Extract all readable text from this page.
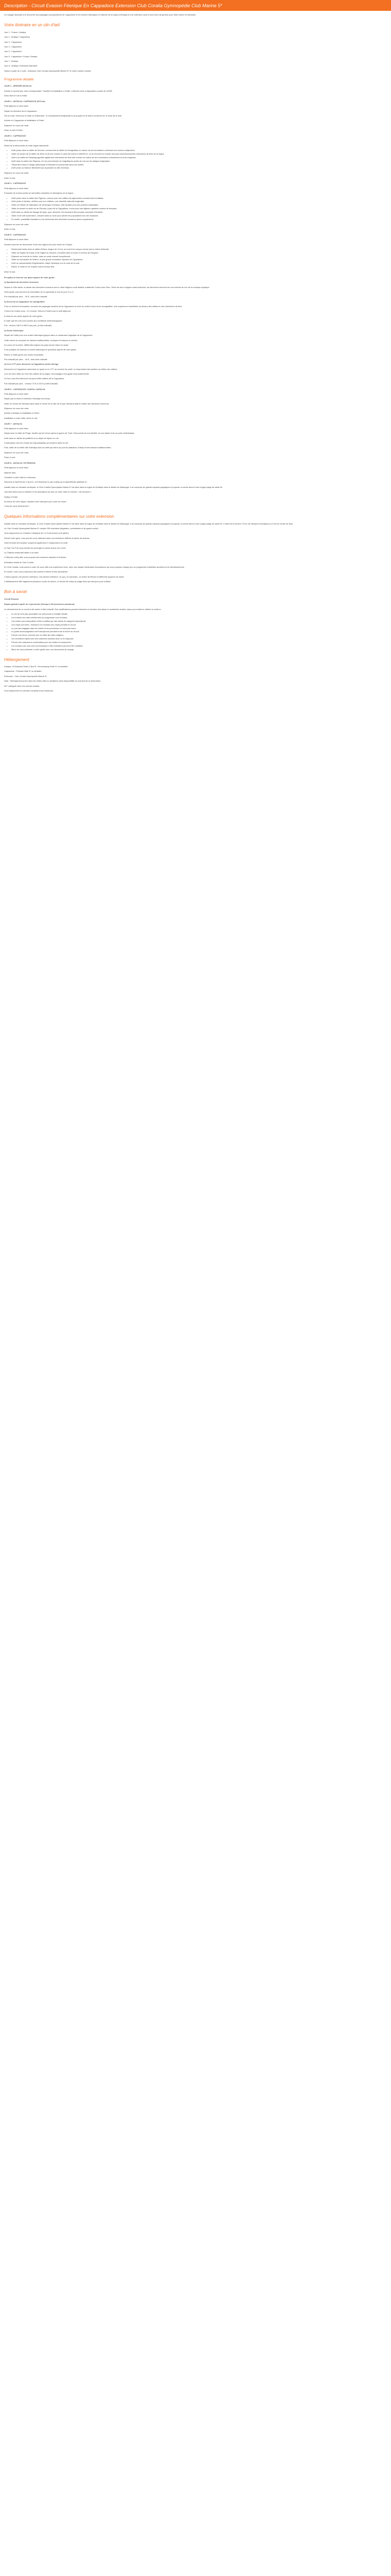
Description - Circuit Evasion Féerique En Cappadoce Extension Club Coralia Gymnopédie Club Marine 5*

Un voyage fascinant à la rencontre des paysages époustouflants de Cappadoce et les trésors historiques et naturels de la région d'Antalya et une extension sans le bord bord de genèse pour allier culture et balnéaire.

Votre itinéraire en un clin d'œil

Jour 1 : France / Antalya

Jour 2 : Antalya / Cappadoce

Jour 3 : Cappadoce

Jour 4 : Cappadoce

Jour 5 : Cappadoce

Jour 6 : Cappadoce / Konya / Antalya

Jour 7 : Antalya

Jour 8 : Antalya / Extension balnéaire

Séjour à partir de 2 nuits : extension Club Coralia Gymnopédie Marine 5* ht, selon l'option choisie.

Programme détaillé

JOUR 1 : ARRIVÉE ANTALYA

Arrivée et accueil par votre correspondant. Transfert et installation à l'hôtel. Chambre mise à disposition à partir de 14H00.

Dîner libre et nuit à l'hôtel.

JOUR 2 : ANTALYA / CAPPADOCE (575 km)

Petit déjeuner à votre hôtel.

Départ en direction de la Cappadoce.

Sur la route, arrêt pour la visite du Sultanhani : le caravansérail seldjoukide le plus grand et le mieux conservé sur la route de la soie.

Arrivée en Cappadoce et installation à l'hôtel.

Déjeuner en cours de route.

Dîner et nuit à l'hôtel.

JOUR 3 : CAPPADOCE

Petit déjeuner à votre hôtel.

Début de la découverte de cette région fascinante :

• Arrêt photo dans la vallée de Devrent, surnommée la vallée de l'imagination en raison de ses formations rocheuses aux formes subjectives.
• Visite du musée de la vallée de Zelve et de son musée en plein air inscrit à l'UNESCO, où se trouvent un bureau des plus impressionnantes cheminées de fées de la région.
• Arrêt à la vallée de Pasabag appelée également cheminées de fées des moines en raison de ses cheminées curieusement à trois chapeaux.
• Arrêt dans la vallée des Pigeons, où l'on peut admirer de magnifiques points de vue sur les villages troglodytes.
• Temps libre dans le village pittoresque d'Ortahisar et promenade dans ses ruelles.
• Arrêt photo au fameux Belvédère qui surplombe la ville d'Uchisar.

Déjeuner en cours de visite.

Dîner et nuit.

JOUR 4 : CAPPADOCE

Petit déjeuner à votre hôtel.

Poursuite de la découverte de merveilles naturelles et historiques de la région :

• Arrêt photo dans la vallée des Pigeons, connue pour ses milliers de pigeonniers creusés dans la falaise.
• Arrêt photo à Uçhisar, célèbre pour son château, une citadelle naturelle troglodyte.
• Visite de l'atelier de fabrication de céramique d'Avanos, ville réputée pour ses poteries artisanales.
• Visite du musée en plein air de Göreme, joyau de la Cappadoce, connu pour ses églises rupestres ornées de fresques.
• Arrêt dans un atelier de tissage de tapis, pour découvrir l'art ancestral des peuples nomades d'Anatolie.
• Visite d'une cité souterraine, creusée dans la roche pour abriter les populations lors des invasions.
• En soirée, possibilité d'assister à une cérémonie des derviches tourneurs (avec supplément).

Déjeuner en cours de route.

Dîner et nuit.

JOUR 5 : CAPPADOCE

Petit déjeuner à votre hôtel.

Dernière journée de découverte d'une des régions les plus riches de Turquie :

• Randonnée facile dans la vallée d'Ihlara, longue de 14 km, au fond d'un canyon creusé par la rivière Melendiz.
• Visite de l'église de Kokar et de l'église du Serpent, creusées dans la roche et ornées de fresques.
• Déjeuner au bord de la rivière, dans un cadre naturel exceptionnel.
• Visite du monastère de Selime, le plus grand monastère rupestre de Cappadoce.
• Arrêt au caravansérail d'Agzikarahan, étape historique sur la route de la soie.
• Retour à l'hôtel en fin d'après-midi et temps libre.

Dîner et nuit.

En option à réserver sur place auprès de votre guide :

1) Spectacle de derviches tourneurs

Depuis le XIIIe siècle, la danse des derviches tourneurs est un rituel religieux soufi destiné à atteindre l'union avec Dieu. Vêtus de leurs longues robes blanches, les derviches tournent sur eux-mêmes au son de la musique mystique.

Votre guide vous prévoit à la réservation de ce spectacle le soir du jour 3 ou 4.

Prix indicatif par pers. : 30 € ; tarif à titre indicatif.

2) Survol de la Cappadoce en montgolfière

Pour un moment d'exception, survolez les paysages lunaires de la Cappadoce au lever du soleil à bord d'une montgolfière. Une expérience inoubliable au-dessus des vallées et des cheminées de fées.

L'heure de rendez-vous : 5 h environ. Retour à l'hôtel pour le petit déjeuner.

À réserver sur place auprès de votre guide.

À noter que les vols sont soumis aux conditions météorologiques.

Prix : environ 180 € à 250 € par pers. (à titre indicatif).

3) Soirée folklorique

Départ de l'hôtel pour une soirée folklorique typique dans un restaurant troglodyte de la Cappadoce.

Cette soirée se compose de danses traditionnelles, musique et boissons à volonté.

Au cours de la soirée, différentes régions du pays seront mises en avant.

Il est possible de réserver la soirée folklorique et spectacle auprès de votre guide.

Retour à l'hôtel après une soirée inoubliable.

Prix indicatif par pers. : 40 € ; tarif à titre indicatif.

4) 1h en VTT pour découvrir la Cappadoce (selon timing)

Découvrez la Cappadoce autrement en quad ou en VTT au coucher du soleil, en empruntant des sentiers au milieu des vallées.

Lors de votre visite de l'une des vallées de la région, accompagné d'un guide local expérimenté.

Ce tour vous fera découvrir les plus belles vallées de la Cappadoce.

Prix indicatif par pers. : environ 70 € à 100 € (à titre indicatif).

JOUR 6 : CAPPADOCE / KONYA / ANTALYA

Petit déjeuner à votre hôtel.

Départ par la route en direction d'Antalya via Konya.

Visite du Turbeh de Mevlana situé dans le centre de la ville de Konya. Mevlana était le maître des derviches tourneurs.

Déjeuner en cours de route.

Arrivée à Antalya et installation à l'hôtel.

Installation à votre hôtel, dîner et nuit.

JOUR 7 : ANTALYA

Petit déjeuner à votre hôtel.

Départ pour la visite de Perge, fondée par les Grecs après la guerre de Troie. Découverte de son théâtre, de son stade et de sa porte hellénistique.

Arrêt dans un atelier de joaillerie et un dépôt de bijoux en cuir.

Continuation vers les chutes de Karpuzkaldiran qui tombent dans la mer.

Puis, visite de la vieille ville d'Antalya avec la ruelle qui mène au port de plaisance, Kaleiçi et ses maisons traditionnelles.

Déjeuner en cours de route.

Dîner et nuit.

JOUR 8 : ANTALYA / EXTENSION

Petit déjeuner à votre hôtel.

Matinée libre.

Transfert à votre hôtel en extension.

SÉJOUR À PARTIR DE 2 NUITS : EXTENSION CLUB CORALIA GYMNOPÉDIE MARINE 5*

Installé dans un domaine verdoyant, le Club Coralia Gymnopédie Marine 5* est situé dans la région de Kiziltepe dans le district de Manavgat. Il se compose de grands espaces paysagers et propose un accès direct à une longue plage de sable fin.

Journées libres pour la détente et les animations au sein de votre hôtel en formule « All Inclusive ».

Nuit(s) à l'hôtel.

Au terme de votre séjour, transfert vers l'aéroport pour votre vol retour.

**FIN DE NOS SERVICES**

Quelques informations complémentaires sur votre extension

Installé dans un domaine verdoyant, le Club Coralia Gymnopédie Marine 5* est situé dans la région de Kiziltepe dans le district de Manavgat. Il se compose de grands espaces paysagers et propose un accès direct à une longue plage de sable fin. L'hôtel est à environ 70 km de l'aéroport d'Antalya et à 5 km du centre de Side.

Le Club Coralia Gymnopédie Marine 5* compte 299 chambres élégantes, confortables et de grand confort.

Vous séjournerez en chambre Classique de 2 à 3 personnes (vue jardin).

Décoré avec goût, vous pourrez vous détendre dans une ambiance raffinée et pleine de charme.

Votre formule All Inclusive comprend également 2 restaurants à la carte.

Le Sea You Pub vous permet de prolonger la soirée autour d'un verre.

La Trattoria restaurant italien à la carte.

L'Ottoman Lobby Bar vous propose des boissons chaudes et fraîches.

Animation adulte au Club Coralia

En Club Coralia, nous avons à cœur de vous offrir une expérience riche, avec une équipe d'animation francophone qui vous propose chaque jour un programme d'activités sportives et de divertissements.

En soirée, nous vous proposons des soirées à thème et des spectacles.

L'hôtel propose une piscine extérieure, une piscine intérieure, un spa, un hammam, un centre de fitness et différents espaces de loisirs.

L'établissement offre également plusieurs courts de tennis, un terrain de volley de plage ainsi que des jeux pour enfants.

Bon à savoir

Circuit Evasion

Départ garanti à partir de 4 personnes (Groupe à 30 personnes maximum)

Le déroulement de ce circuit a été donné à titre indicatif. Des modifications peuvent intervenir en fonction des aléas et contraintes locales, sans pour autant en altérer le contenu.

• Le circuit n'est pas accessible aux personnes à mobilité réduite.
• Les entrées aux sites mentionnés au programme sont incluses.
• Les hôtels sont susceptibles d'être modifiés par des hôtels de catégorie équivalente.
• Les repas sont fixes ; boissons non incluses aux repas pendant le circuit.
• Le port des bagages dans les hôtels et les pourboires ne sont pas inclus.
• Le guide accompagnateur est francophone pendant toute la durée du circuit.
• Prévoir une tenue correcte pour la visite des sites religieux.
• Les chambres triples sont des chambres doubles avec un lit d'appoint.
• Prévoir des chaussures confortables pour les visites et randonnées.
• Les horaires des vols sont communiqués à titre indicatif et peuvent être modifiés.
• Merci de vous présenter à votre guide avec vos documents de voyage.
Hébergement

Antalya : Ili Business Hotel & Spa 5* / Kervansaray Hotel 4* ou similaire

Cappadoce : Perissia Hotel 5* ou similaire

Extension : Club Coralia Gymnopédie Marine 5*

Note : Hébergement prévu dans les hôtels cités ou similaires selon disponibilité au moment de la réservation.

NC* catégorie selon les normes locales.

Vous séjournerez en pension complète (hors boissons).
